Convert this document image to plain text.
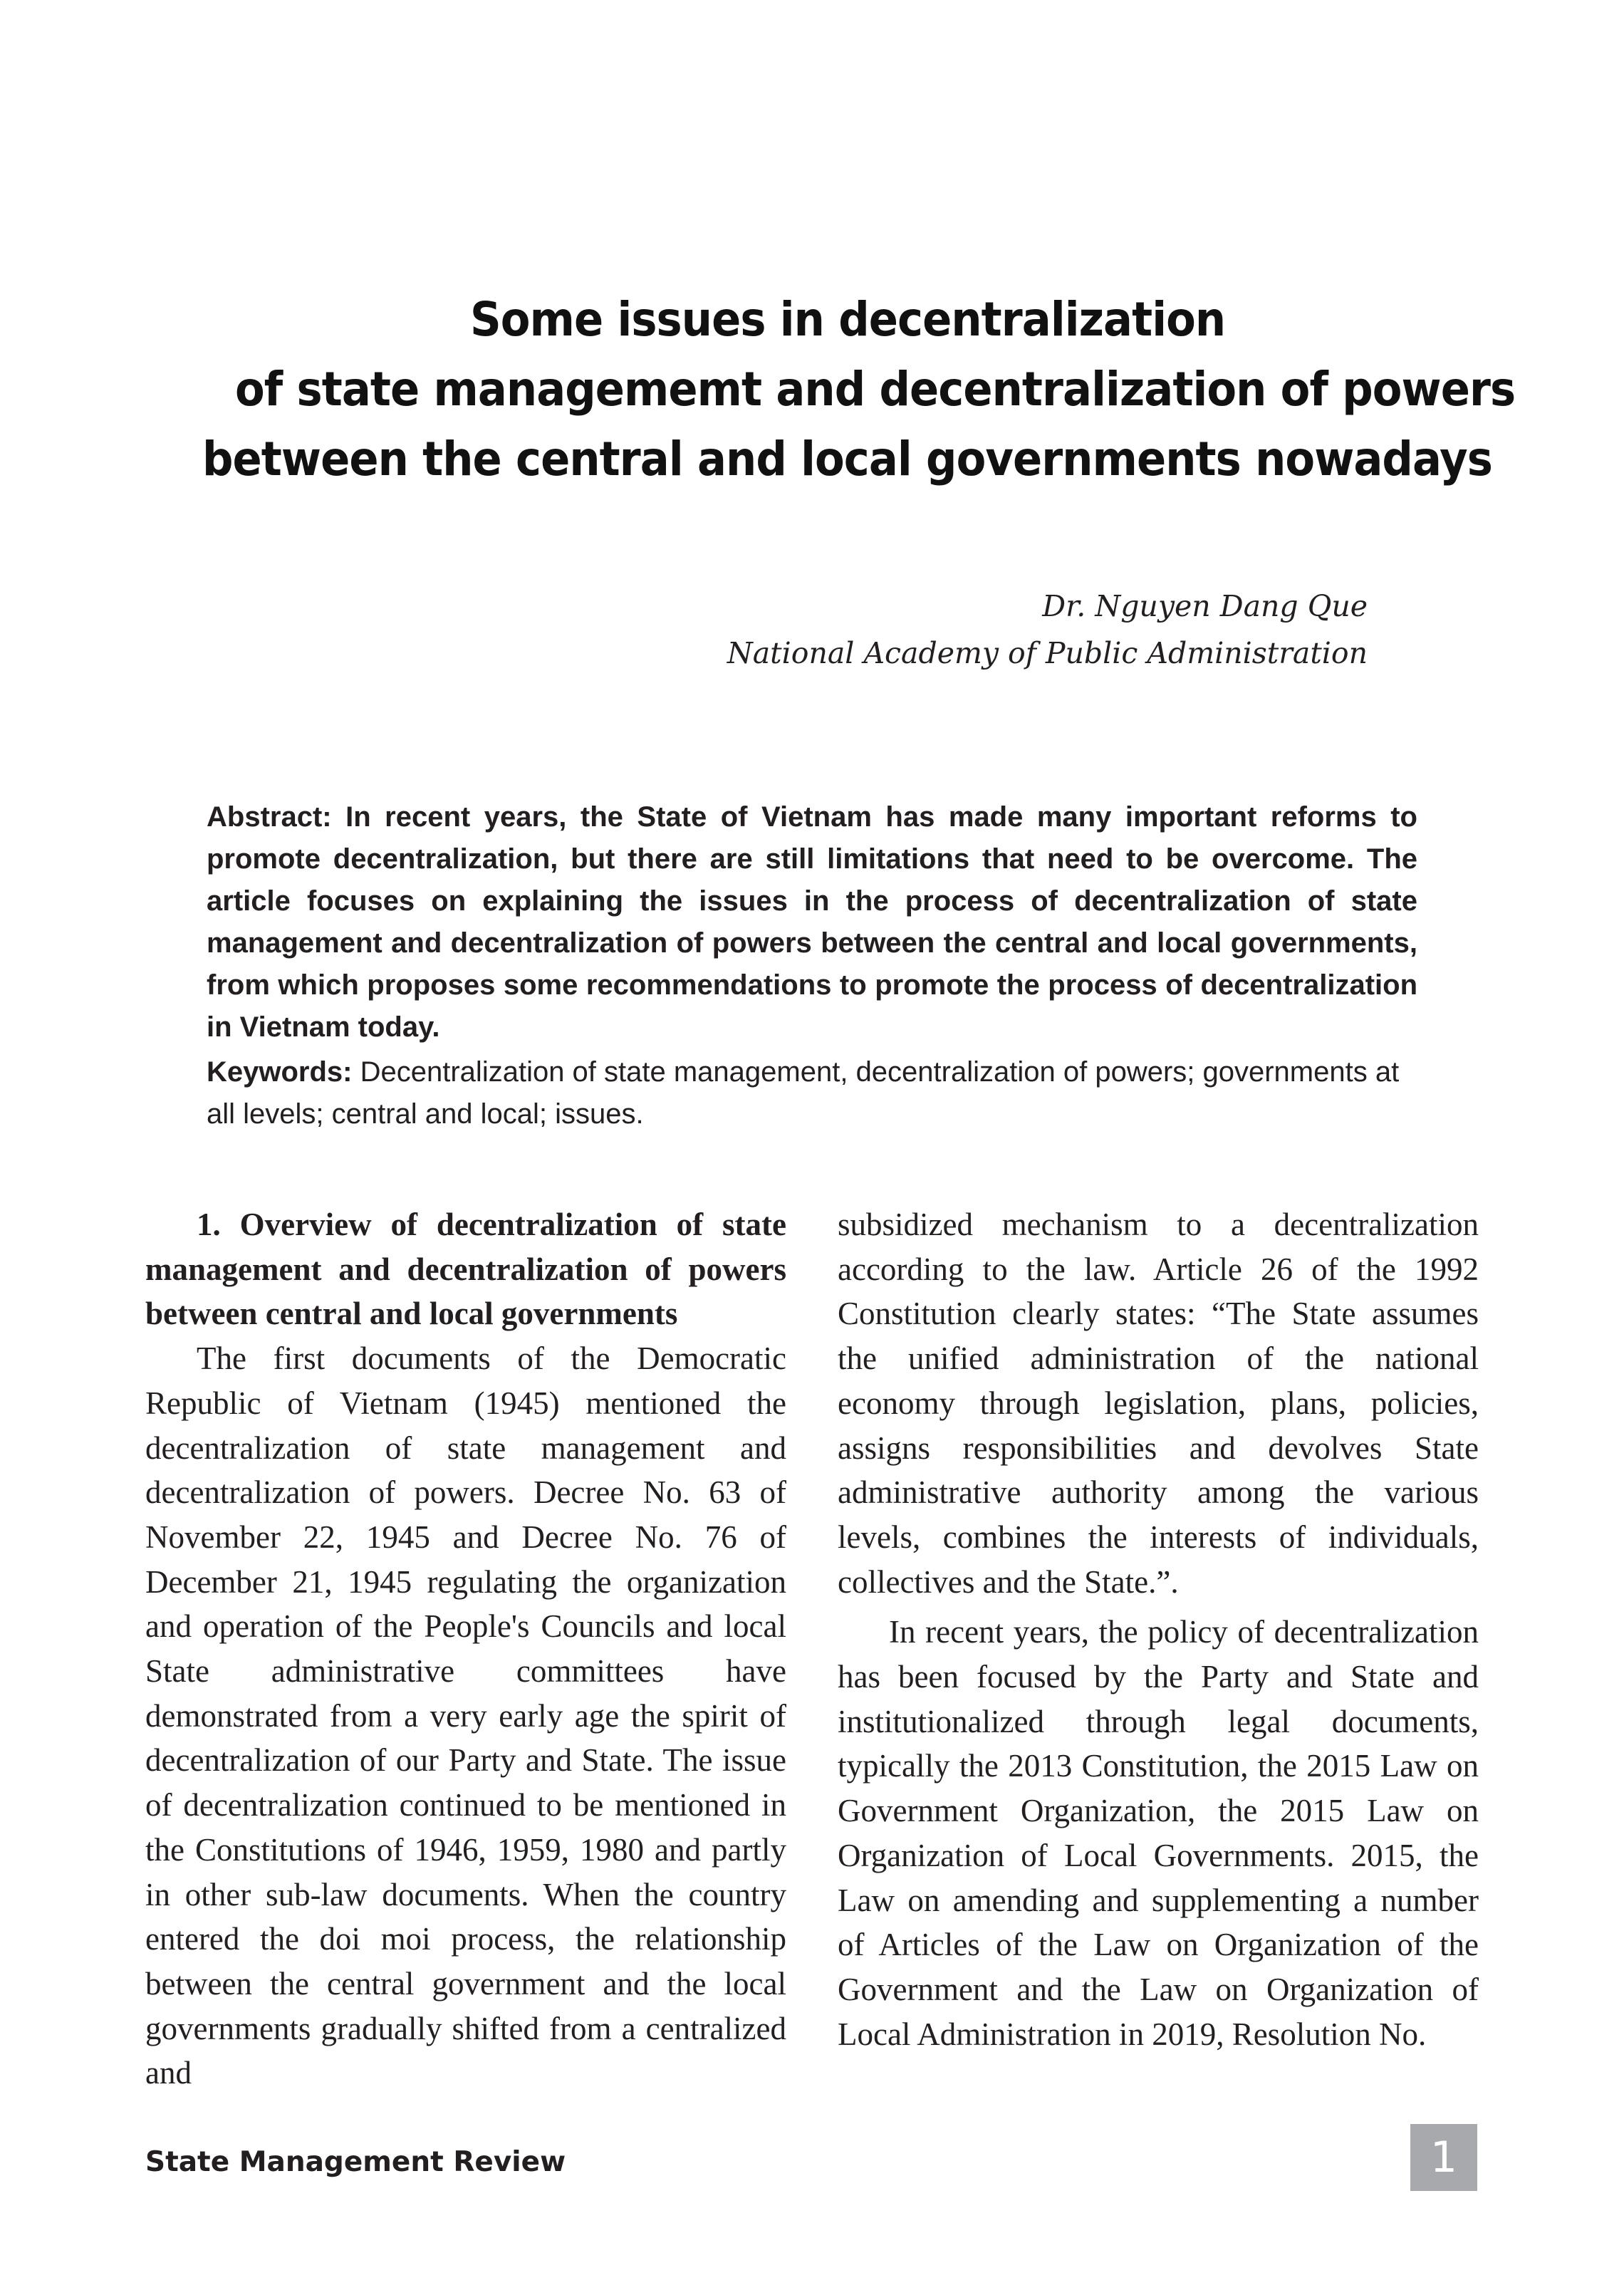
Some issues in decentralization
of state managememt and decentralization of powers
between the central and local governments nowadays
Dr. Nguyen Dang Que
National Academy of Public Administration
Abstract: In recent years, the State of Vietnam has made many important reforms to promote decentralization, but there are still limitations that need to be overcome. The article focuses on explaining the issues in the process of decentralization of state management and decentralization of powers between the central and local governments, from which proposes some recommendations to promote the process of decentralization in Vietnam today.
Keywords: Decentralization of state management, decentralization of powers; governments at all levels; central and local; issues.

1. Overview of decentralization of state management and decentralization of powers between central and local governments

The first documents of the Democratic Republic of Vietnam (1945) mentioned the decentralization of state management and decentralization of powers. Decree No. 63 of November 22, 1945 and Decree No. 76 of December 21, 1945 regulating the organization and operation of the People's Councils and local State administrative committees have demonstrated from a very early age the spirit of decentralization of our Party and State. The issue of decentralization continued to be mentioned in the Constitutions of 1946, 1959, 1980 and partly in other sub-law documents. When the country entered the doi moi process, the relationship between the central government and the local governments gradually shifted from a centralized and

subsidized mechanism to a decentralization according to the law. Article 26 of the 1992 Constitution clearly states: “The State assumes the unified administration of the national economy through legislation, plans, policies, assigns responsibilities and devolves State administrative authority among the various levels, combines the interests of individuals, collectives and the State.”.

In recent years, the policy of decentralization has been focused by the Party and State and institutionalized through legal documents, typically the 2013 Constitution, the 2015 Law on Government Organization, the 2015 Law on Organization of Local Governments. 2015, the Law on amending and supplementing a number of Articles of the Law on Organization of the Government and the Law on Organization of Local Administration in 2019, Resolution No.

State Management Review	1
